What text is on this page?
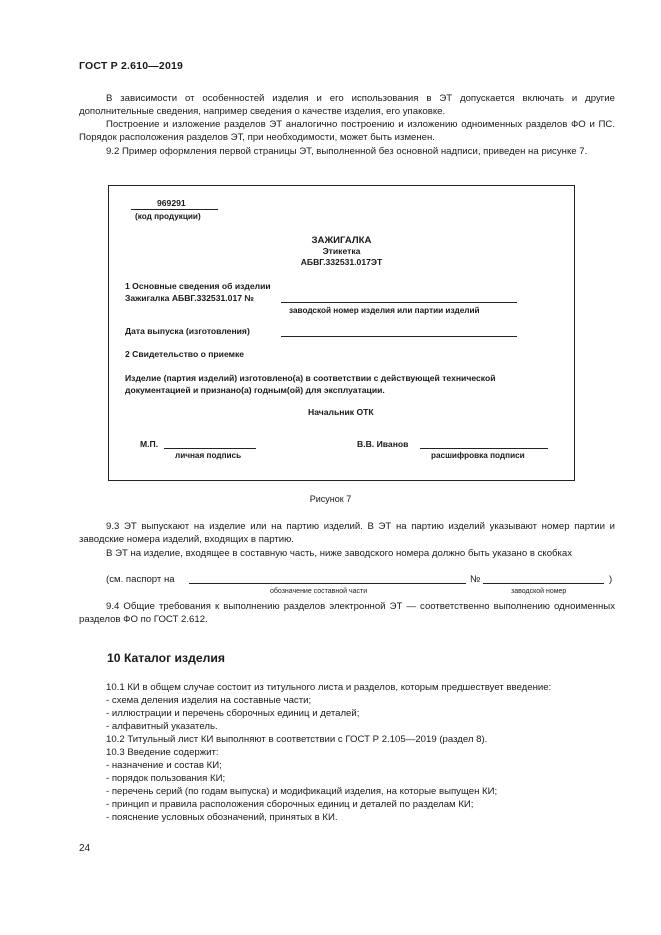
ГОСТ Р 2.610—2019
В зависимости от особенностей изделия и его использования в ЭТ допускается включать и другие дополнительные сведения, например сведения о качестве изделия, его упаковке.
Построение и изложение разделов ЭТ аналогично построению и изложению одноименных разделов ФО и ПС. Порядок расположения разделов ЭТ, при необходимости, может быть изменен.
9.2 Пример оформления первой страницы ЭТ, выполненной без основной надписи, приведен на рисунке 7.
969291
(код продукции)
ЗАЖИГАЛКА
Этикетка
АБВГ.332531.017ЭТ
1 Основные сведения об изделии
Зажигалка АБВГ.332531.017 №
заводской номер изделия или партии изделий
Дата выпуска (изготовления)
2 Свидетельство о приемке
Изделие (партия изделий) изготовлено(а) в соответствии с действующей технической
документацией и признано(а) годным(ой) для эксплуатации.
Начальник ОТК
М.П.
личная подпись
В.В. Иванов
расшифровка подписи
Рисунок 7
9.3 ЭТ выпускают на изделие или на партию изделий. В ЭТ на партию изделий указывают номер партии и заводские номера изделий, входящих в партию.
В ЭТ на изделие, входящее в составную часть, ниже заводского номера должно быть указано в скобках
(см. паспорт на	№	)
обозначение составной части	заводской номер
9.4 Общие требования к выполнению разделов электронной ЭТ — соответственно выполнению одноименных разделов ФО по ГОСТ 2.612.
10 Каталог изделия
10.1 КИ в общем случае состоит из титульного листа и разделов, которым предшествует введение:
- схема деления изделия на составные части;
- иллюстрации и перечень сборочных единиц и деталей;
- алфавитный указатель.
10.2 Титульный лист КИ выполняют в соответствии с ГОСТ Р 2.105—2019 (раздел 8).
10.3 Введение содержит:
- назначение и состав КИ;
- порядок пользования КИ;
- перечень серий (по годам выпуска) и модификаций изделия, на которые выпущен КИ;
- принцип и правила расположения сборочных единиц и деталей по разделам КИ;
- пояснение условных обозначений, принятых в КИ.
24
